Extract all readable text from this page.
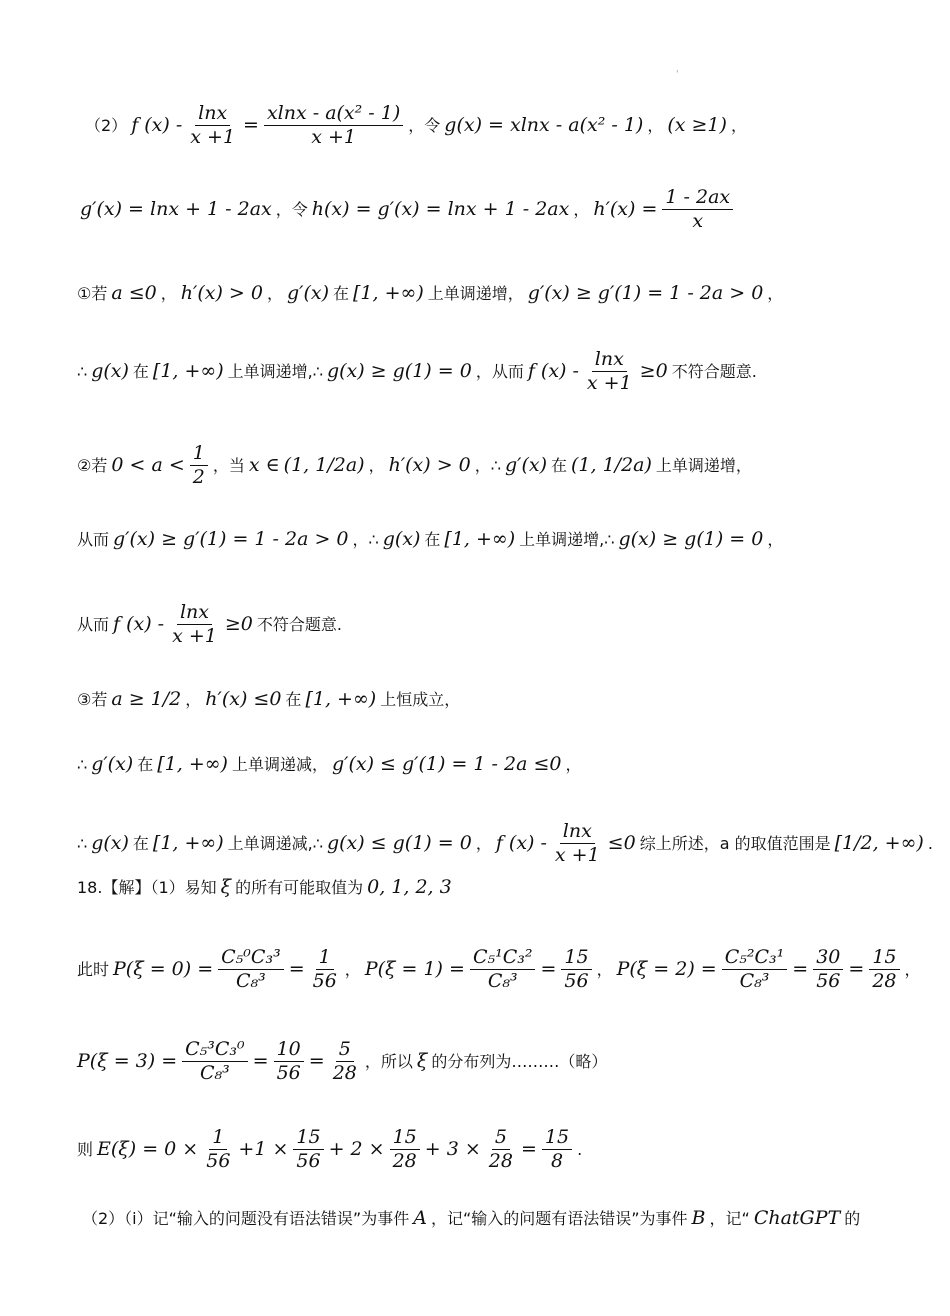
'
（2） f $(x) - \frac{\ln x}{x +1} = \frac{\text{xlnx - a(x² - 1)}}{x +1}$ ，令 g(x) = xlnx - a(x² - 1) ， (x ≥1) ，
g′(x) = lnx + 1 - 2ax ，令 h(x) = g′(x) = lnx + 1 - 2ax ， $h'(x) = \frac{1 - 2ax}{x}$
①若 a ≤0 ， h′(x) > 0 ， g′(x) 在 [1, +∞) 上单调递增， g′(x) ≥ g′(1) = 1 - 2a > 0 ，
∴ g(x) 在 [1, +∞) 上单调递增,∴ g(x) ≥ g(1) = 0 ，从而 f $(x) - \frac{\ln x}{x +1} \ge 0$ 不符合题意.
②若 $0 < a < \frac{1}{2}$ ，当 x ∈ (1, 1/2a) ， h′(x) > 0 ，∴ g′(x) 在 (1, 1/2a) 上单调递增，
从而 g′(x) ≥ g′(1) = 1 - 2a > 0 ，∴ g(x) 在 [1, +∞) 上单调递增,∴ g(x) ≥ g(1) = 0 ，
从而 f $(x) - \frac{\ln x}{x +1} \ge 0$ 不符合题意.
③若 a ≥ 1/2 ， h′(x) ≤0 在 [1, +∞) 上恒成立，
∴ g′(x) 在 [1, +∞) 上单调递减， g′(x) ≤ g′(1) = 1 - 2a ≤0 ，
∴ g(x) 在 [1, +∞) 上单调递减,∴ g(x) ≤ g(1) = 0 ， f $(x) - \frac{\ln x}{x +1} \le 0$ 综上所述，a 的取值范围是 [1/2, +∞) .
18.【解】（1）易知 ξ 的所有可能取值为 0, 1, 2, 3
此时 $P(\xi = 0) = \frac{\text{C₅⁰C₃³}}{\text{C₈³}} = \frac{1}{56}$ ， $P(\xi = 1) = \frac{\text{C₅¹C₃²}}{\text{C₈³}} = \frac{15}{56}$ ， $P(\xi = 2) = \frac{\text{C₅²C₃¹}}{\text{C₈³}} = \frac{30}{56} = \frac{15}{28}$ ，
$P(\xi = 3) = \frac{\text{C₅³C₃⁰}}{\text{C₈³}} = \frac{10}{56} = \frac{5}{28}$ ，所以 ξ 的分布列为………（略）
则 $E(\xi) = 0 \times \frac{1}{56} +1 \times \frac{15}{56} + 2 \times \frac{15}{28} + 3 \times \frac{5}{28} = \frac{15}{8}$ .
（2）（i）记“输入的问题没有语法错误”为事件 A ，记“输入的问题有语法错误”为事件 B ，记“ ChatGPT 的
